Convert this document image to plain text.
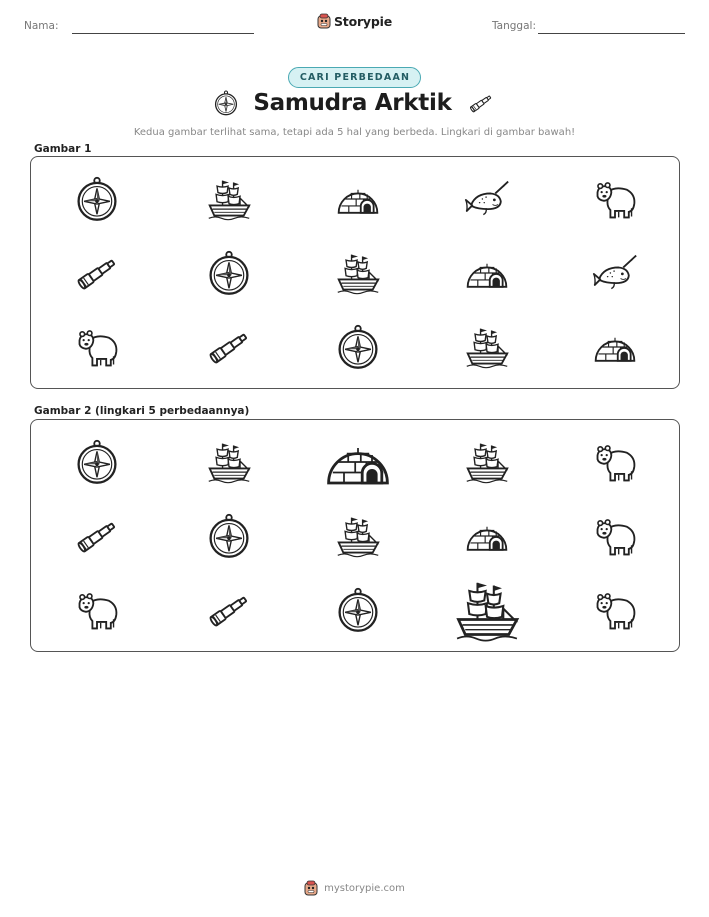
Nama:	Storypie	Tanggal:
CARI PERBEDAAN
Samudra Arktik
Kedua gambar terlihat sama, tetapi ada 5 hal yang berbeda. Lingkari di gambar bawah!
Gambar 1
Gambar 2 (lingkari 5 perbedaannya)
mystorypie.com
